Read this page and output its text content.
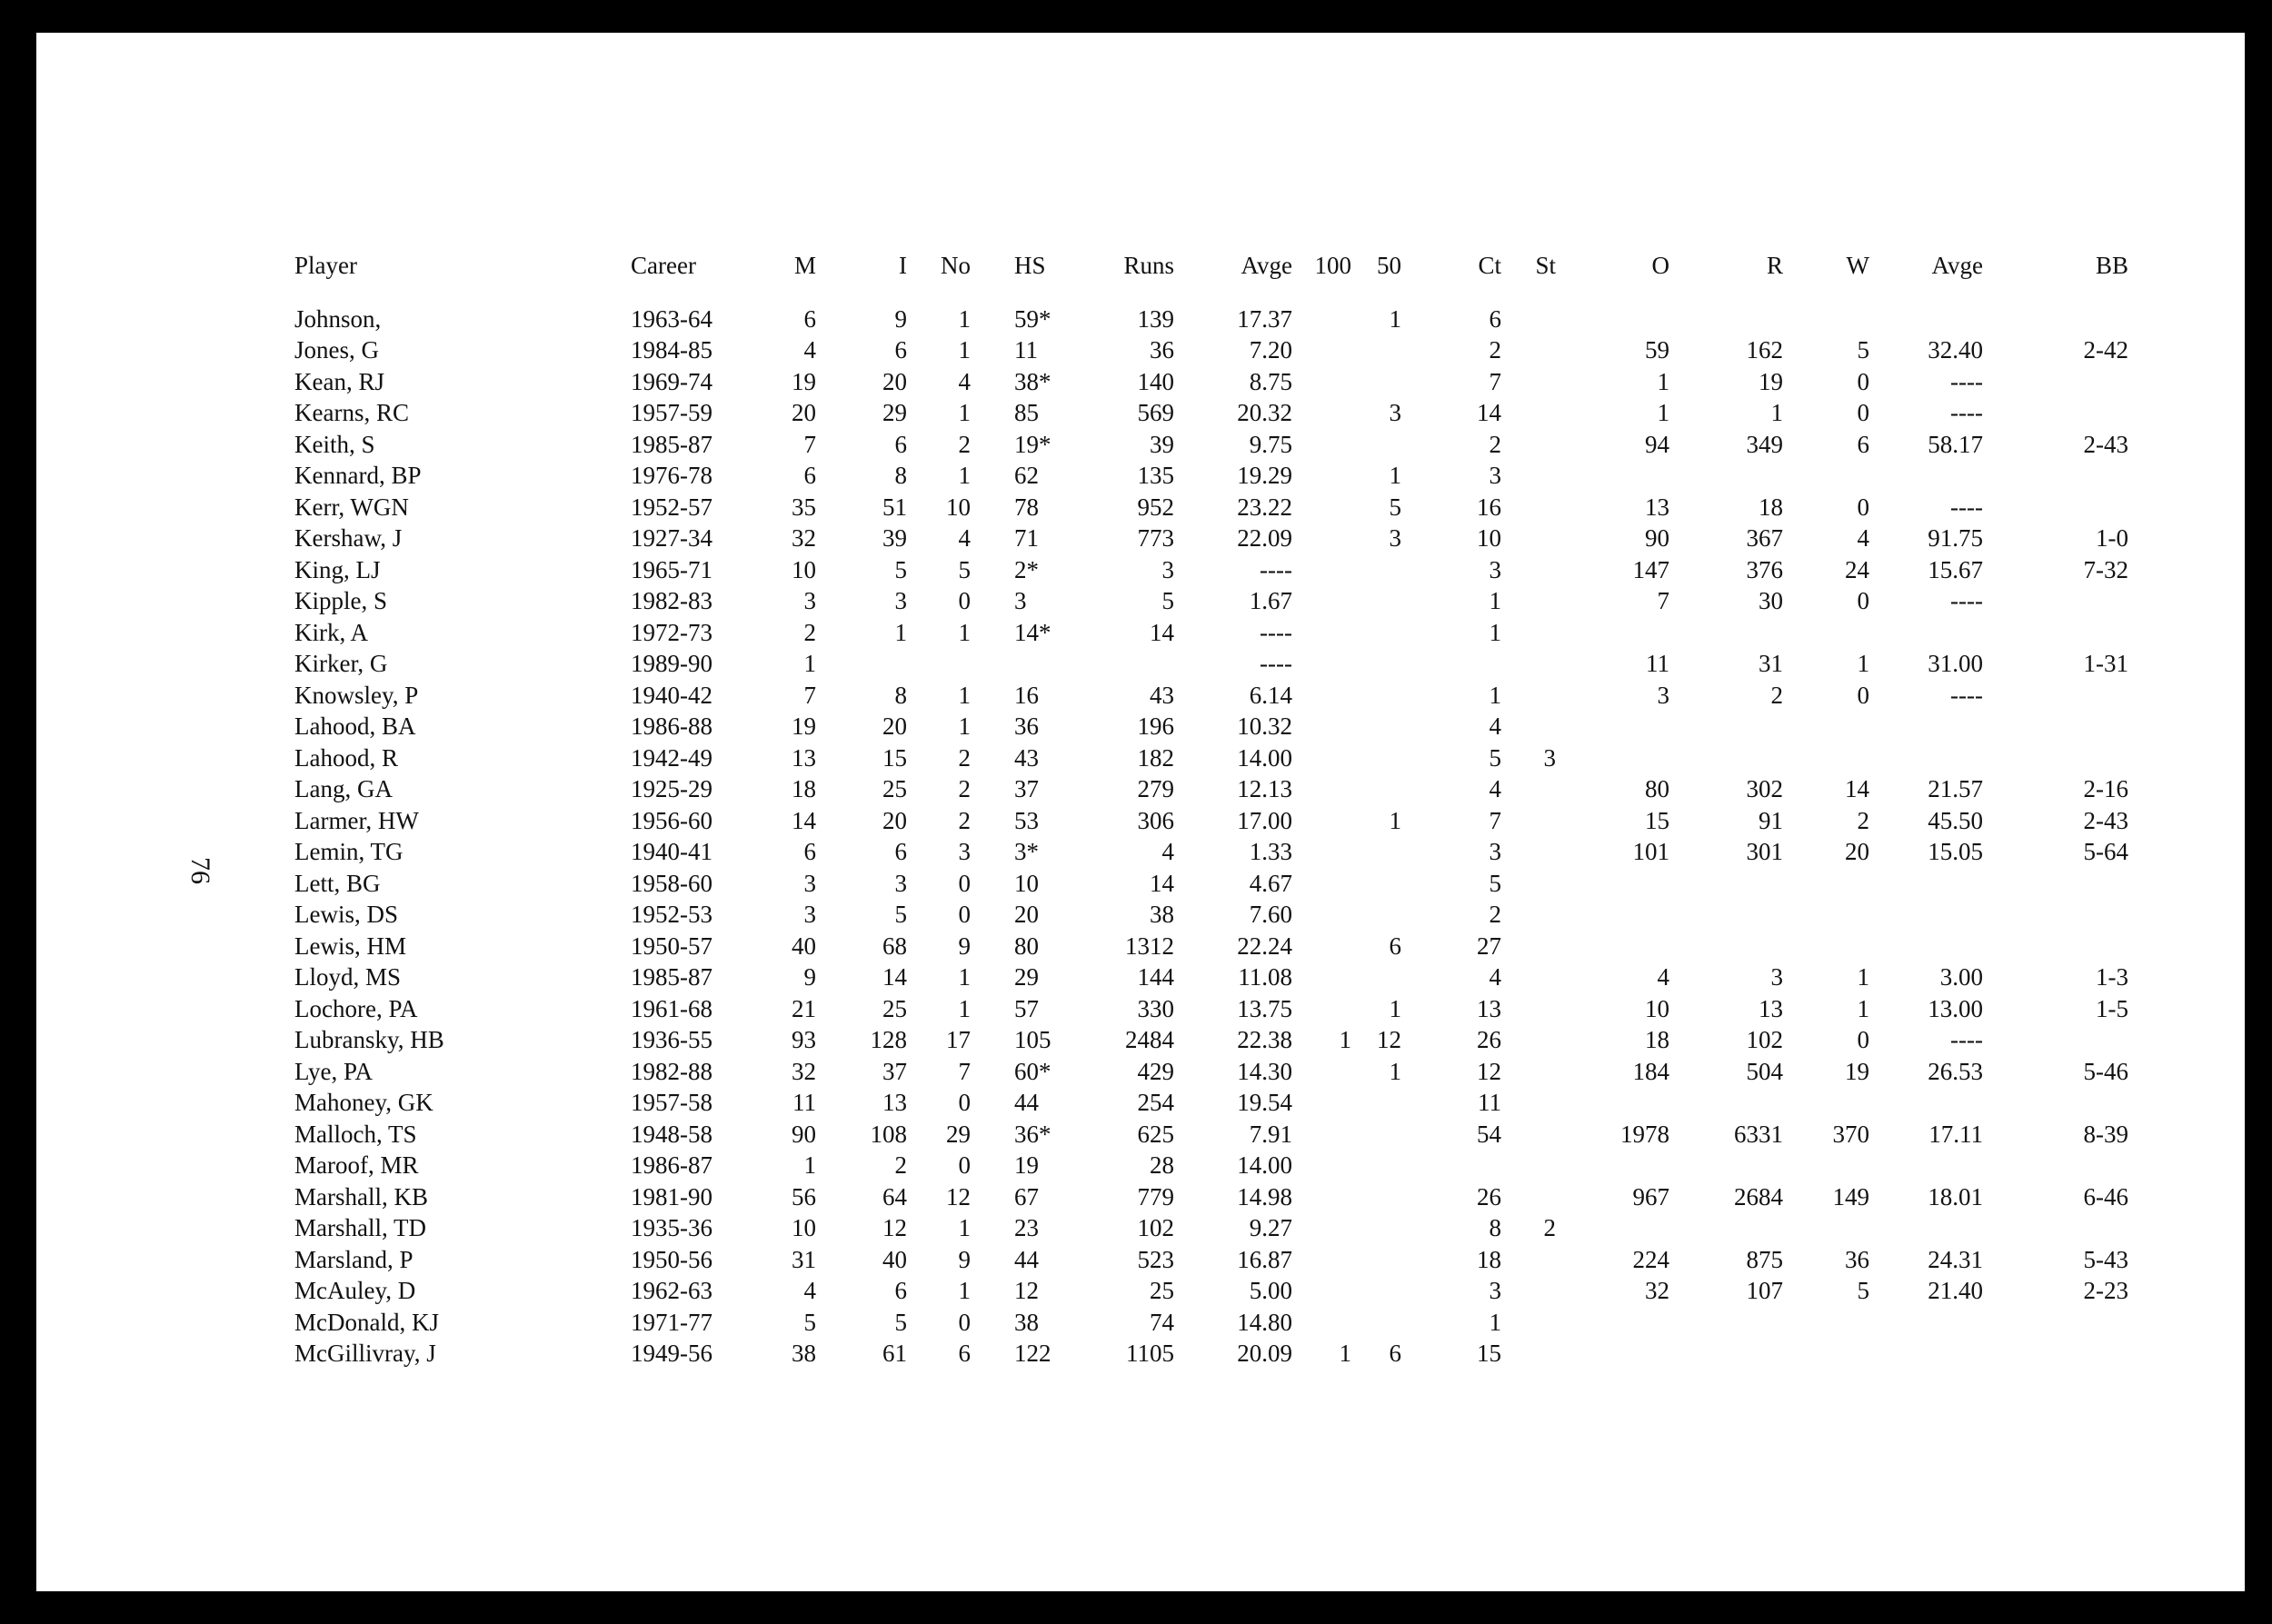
76
Player	Career	M	I	No	HS	Runs	Avge	100	50	Ct	St	O	R	W	Avge	BB

Johnson,	1963-64	6	9	1	59*	139	17.37		1	6						
Jones, G	1984-85	4	6	1	11	36	7.20			2		59	162	5	32.40	2-42
Kean, RJ	1969-74	19	20	4	38*	140	8.75			7		1	19	0	----	
Kearns, RC	1957-59	20	29	1	85	569	20.32		3	14		1	1	0	----	
Keith, S	1985-87	7	6	2	19*	39	9.75			2		94	349	6	58.17	2-43
Kennard, BP	1976-78	6	8	1	62	135	19.29		1	3						
Kerr, WGN	1952-57	35	51	10	78	952	23.22		5	16		13	18	0	----	
Kershaw, J	1927-34	32	39	4	71	773	22.09		3	10		90	367	4	91.75	1-0
King, LJ	1965-71	10	5	5	2*	3	----			3		147	376	24	15.67	7-32
Kipple, S	1982-83	3	3	0	3	5	1.67			1		7	30	0	----	
Kirk, A	1972-73	2	1	1	14*	14	----			1						
Kirker, G	1989-90	1					----					11	31	1	31.00	1-31
Knowsley, P	1940-42	7	8	1	16	43	6.14			1		3	2	0	----	
Lahood, BA	1986-88	19	20	1	36	196	10.32			4						
Lahood, R	1942-49	13	15	2	43	182	14.00			5	3					
Lang, GA	1925-29	18	25	2	37	279	12.13			4		80	302	14	21.57	2-16
Larmer, HW	1956-60	14	20	2	53	306	17.00		1	7		15	91	2	45.50	2-43
Lemin, TG	1940-41	6	6	3	3*	4	1.33			3		101	301	20	15.05	5-64
Lett, BG	1958-60	3	3	0	10	14	4.67			5						
Lewis, DS	1952-53	3	5	0	20	38	7.60			2						
Lewis, HM	1950-57	40	68	9	80	1312	22.24		6	27						
Lloyd, MS	1985-87	9	14	1	29	144	11.08			4		4	3	1	3.00	1-3
Lochore, PA	1961-68	21	25	1	57	330	13.75		1	13		10	13	1	13.00	1-5
Lubransky, HB	1936-55	93	128	17	105	2484	22.38	1	12	26		18	102	0	----	
Lye, PA	1982-88	32	37	7	60*	429	14.30		1	12		184	504	19	26.53	5-46
Mahoney, GK	1957-58	11	13	0	44	254	19.54			11						
Malloch, TS	1948-58	90	108	29	36*	625	7.91			54		1978	6331	370	17.11	8-39
Maroof, MR	1986-87	1	2	0	19	28	14.00									
Marshall, KB	1981-90	56	64	12	67	779	14.98			26		967	2684	149	18.01	6-46
Marshall, TD	1935-36	10	12	1	23	102	9.27			8	2					
Marsland, P	1950-56	31	40	9	44	523	16.87			18		224	875	36	24.31	5-43
McAuley, D	1962-63	4	6	1	12	25	5.00			3		32	107	5	21.40	2-23
McDonald, KJ	1971-77	5	5	0	38	74	14.80			1						
McGillivray, J	1949-56	38	61	6	122	1105	20.09	1	6	15						
